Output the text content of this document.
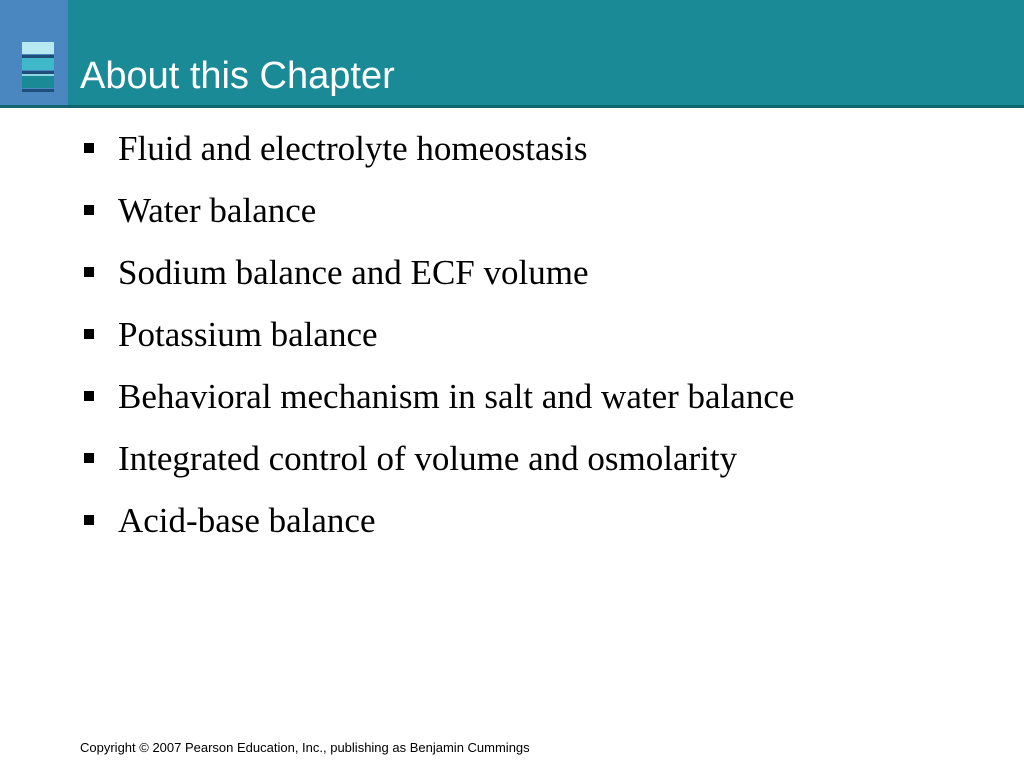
About this Chapter
Fluid and electrolyte homeostasis
Water balance
Sodium balance and ECF volume
Potassium balance
Behavioral mechanism in salt and water balance
Integrated control of volume and osmolarity
Acid-base balance
Copyright © 2007 Pearson Education, Inc., publishing as Benjamin Cummings
